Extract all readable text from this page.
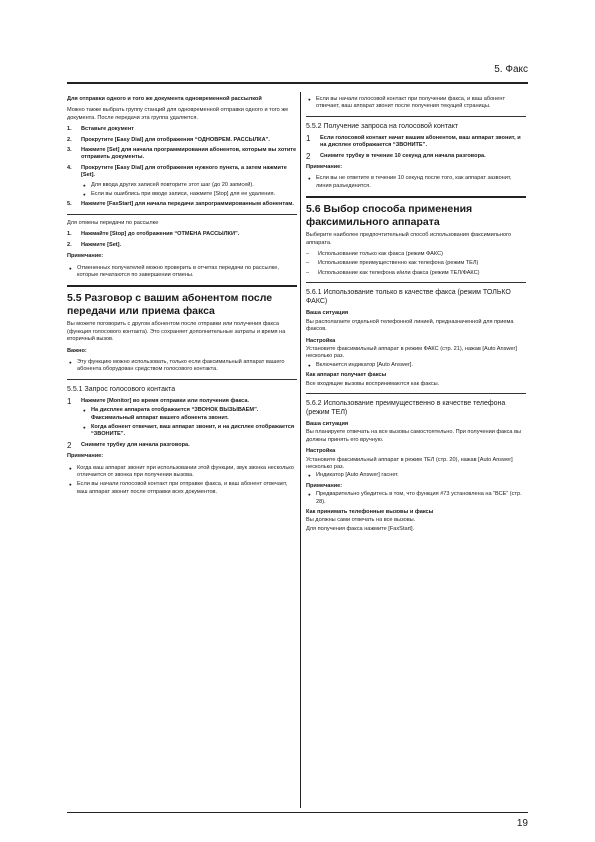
5. Факс

Для отправки одного и того же документа одновременной рассылкой

Можно также выбрать группу станций для одновременной отправки одного и того же документа. После передачи эта группа удаляется.

1. Вставьте документ
2. Прокрутите [Easy Dial] для отображения “ОДНОВРЕМ. РАССЫЛКА”.
3. Нажмите [Set] для начала программирования абонентов, которым вы хотите отправить документы.
4. Прокрутите [Easy Dial] для отображения нужного пункта, а затем нажмите [Set].
● Для ввода других записей повторите этот шаг (до 20 записей).
● Если вы ошиблись при вводе записи, нажмите [Stop] для ее удаления.
5. Нажмите [FaxStart] для начала передачи запрограммированным абонентам.

Для отмены передачи по рассылке

1. Нажмайте [Stop] до отображения “ОТМЕНА РАССЫЛКИ”.
2. Нажмите [Set].

Примечание:

● Отмененных получателей можно проверить в отчетах передачи по рассылке, которые печатаются по завершении отмены.
5.5 Разговор с вашим абонентом после передачи или приема факса

Вы можете поговорить с другом абонентом после отправки или получения факса (функция голосового контакта). Это сохраняет дополнительные затраты и время на вторичный вызов.

Важно:

● Эту функцию можно использовать, только если факсимильный аппарат вашего абонента оборудован средством голосового контакта.
5.5.1 Запрос голосового контакта
1 Нажмите [Monitor] во время отправки или получения факса.
● На дисплее аппарата отображается “ЗВОНОК ВЫЗЫВАЕМ”. Факсимильный аппарат вашего абонента звонит.
● Когда абонент отвечает, ваш аппарат звонит, и на дисплее отображается “ЗВОНИТЕ”.
2 Снимите трубку для начала разговора.

Примечание:

● Когда ваш аппарат звонит при использовании этой функции, звук звонка несколько отличается от звонка при получении вызова.
● Если вы начали голосовой контакт при отправке факса, и ваш абонент отвечает, ваш аппарат звонит после отправки всех документов.
● Если вы начали голосовой контакт при получении факса, и ваш абонент отвечает, ваш аппарат звонит после получения текущей страницы.
5.5.2 Получение запроса на голосовой контакт
1 Если голосовой контакт начат вашим абонентом, ваш аппарат звонит, и на дисплее отображается “ЗВОНИТЕ”.
2 Снимите трубку в течение 10 секунд для начала разговора.

Примечание:

● Если вы не ответите в течение 10 секунд после того, как аппарат зазвонит, линия разъединится.
5.6 Выбор способа применения факсимильного аппарата

Выберите наиболее предпочтительный способ использования факсимильного аппарата.

– Использование только как факса (режим ФАКС)
– Использование преимущественно как телефона (режим ТЕЛ)
– Использование как телефона и/или факса (режим ТЕЛ/ФАКС)
5.6.1 Использование только в качестве факса (режим ТОЛЬКО ФАКС)

Ваша ситуация

Вы располагаете отдельной телефонной линией, предназначенной для приема факсов.

Настройка

Установите факсимильный аппарат в режим ФАКС (стр. 21), нажав [Auto Answer] несколько раз.

● Включается индикатор [Auto Answer].

Как аппарат получает факсы

Все входящие вызовы воспринимаются как факсы.

5.6.2 Использование преимущественно в качестве телефона (режим ТЕЛ)

Ваша ситуация

Вы планируете отвечать на все вызовы самостоятельно. При получении факса вы должны принять его вручную.

Настройка

Установите факсимильный аппарат в режим ТЕЛ (стр. 20), нажав [Auto Answer] несколько раз.

● Индикатор [Auto Answer] гаснет.

Примечание:

● Предварительно убедитесь в том, что функция #73 установлена на “ВСЕ” (стр. 28).

Как принимать телефонные вызовы и факсы

Вы должны сами отвечать на все вызовы.

Для получения факса нажмите [FaxStart].

19
